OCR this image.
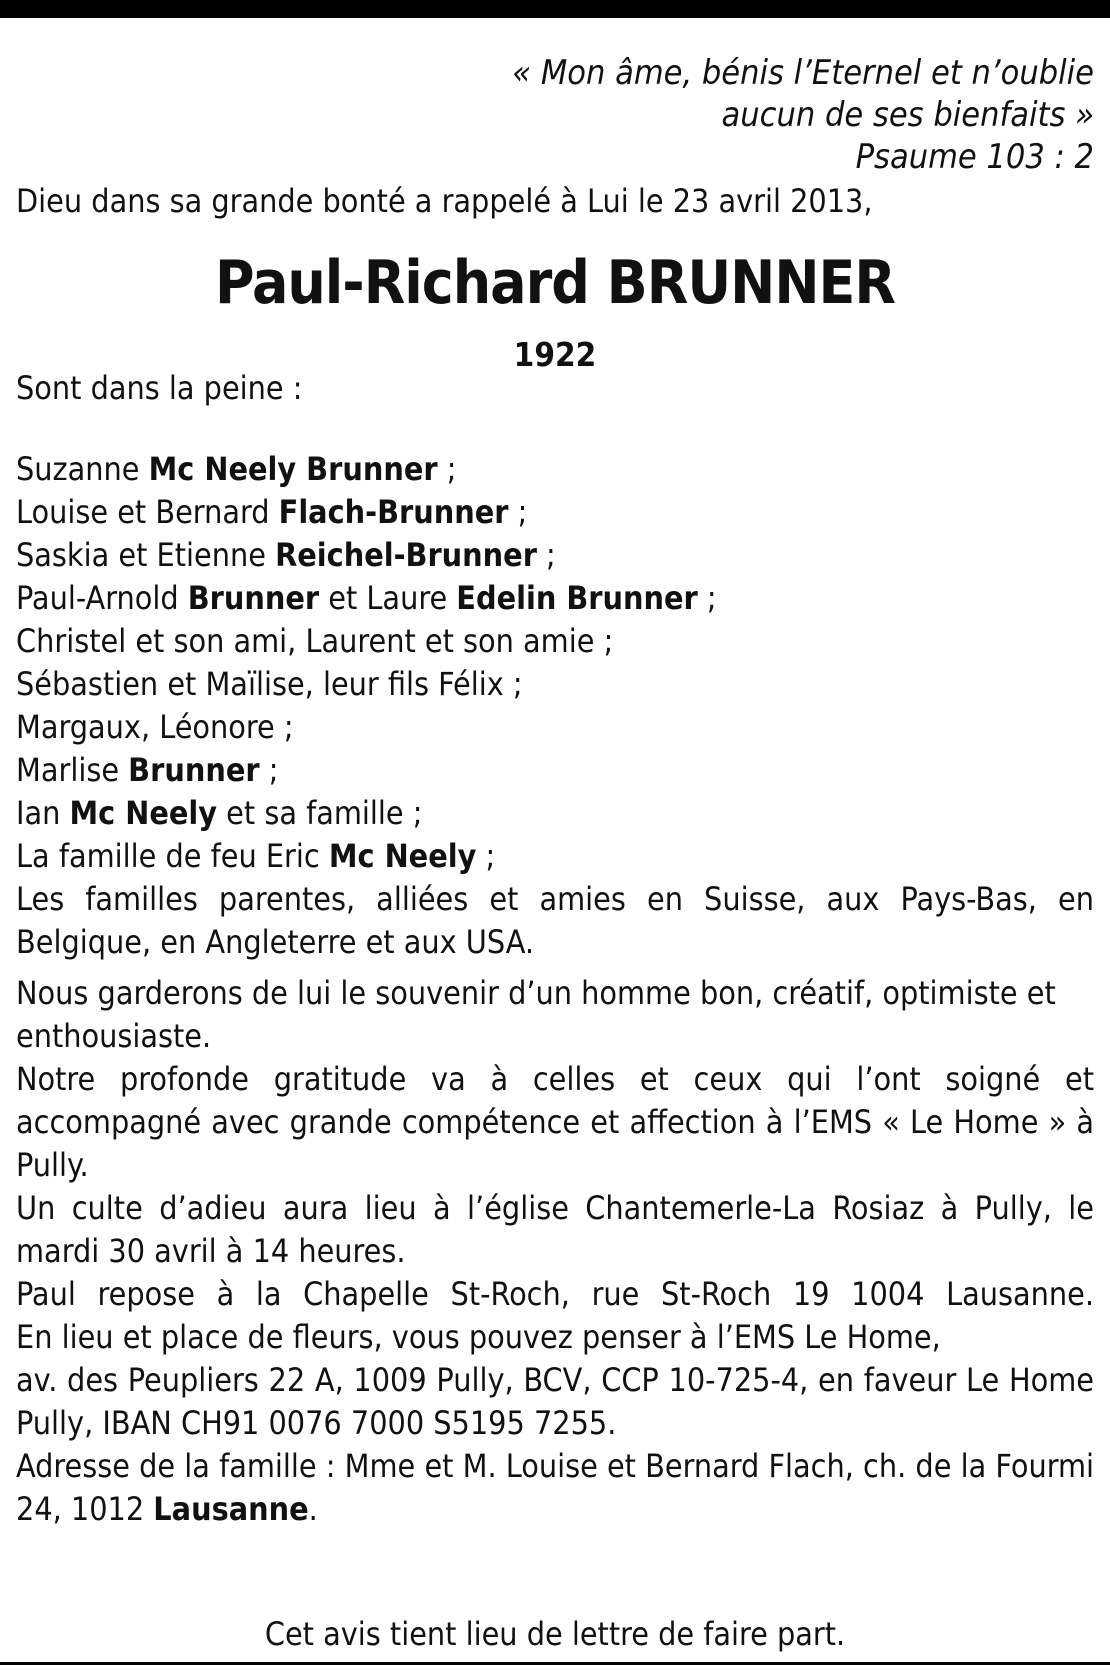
« Mon âme, bénis l’Eternel et n’oublie
aucun de ses bienfaits »
Psaume 103 : 2
Dieu dans sa grande bonté a rappelé à Lui le 23 avril 2013,
Paul-Richard BRUNNER
1922
Sont dans la peine :

Suzanne Mc Neely Brunner ;

Louise et Bernard Flach-Brunner ;

Saskia et Etienne Reichel-Brunner ;

Paul-Arnold Brunner et Laure Edelin Brunner ;

Christel et son ami, Laurent et son amie ;

Sébastien et Maïlise, leur fils Félix ;

Margaux, Léonore ;

Marlise Brunner ;

Ian Mc Neely et sa famille ;

La famille de feu Eric Mc Neely ;

Les familles parentes, alliées et amies en Suisse, aux Pays-Bas, en

Belgique, en Angleterre et aux USA.

Nous garderons de lui le souvenir d’un homme bon, créatif, optimiste et enthousiaste.

Notre profonde gratitude va à celles et ceux qui l’ont soigné et accompagné avec grande compétence et affection à l’EMS « Le Home » à Pully.

Un culte d’adieu aura lieu à l’église Chantemerle-La Rosiaz à Pully, le mardi 30 avril à 14 heures.

Paul repose à la Chapelle St-Roch, rue St-Roch 19 1004 Lausanne.

En lieu et place de fleurs, vous pouvez penser à l’EMS Le Home,

av. des Peupliers 22 A, 1009 Pully, BCV, CCP 10-725-4, en faveur Le Home Pully, IBAN CH91 0076 7000 S5195 7255.

Adresse de la famille : Mme et M. Louise et Bernard Flach, ch. de la Fourmi 24, 1012 Lausanne.

Cet avis tient lieu de lettre de faire part.
